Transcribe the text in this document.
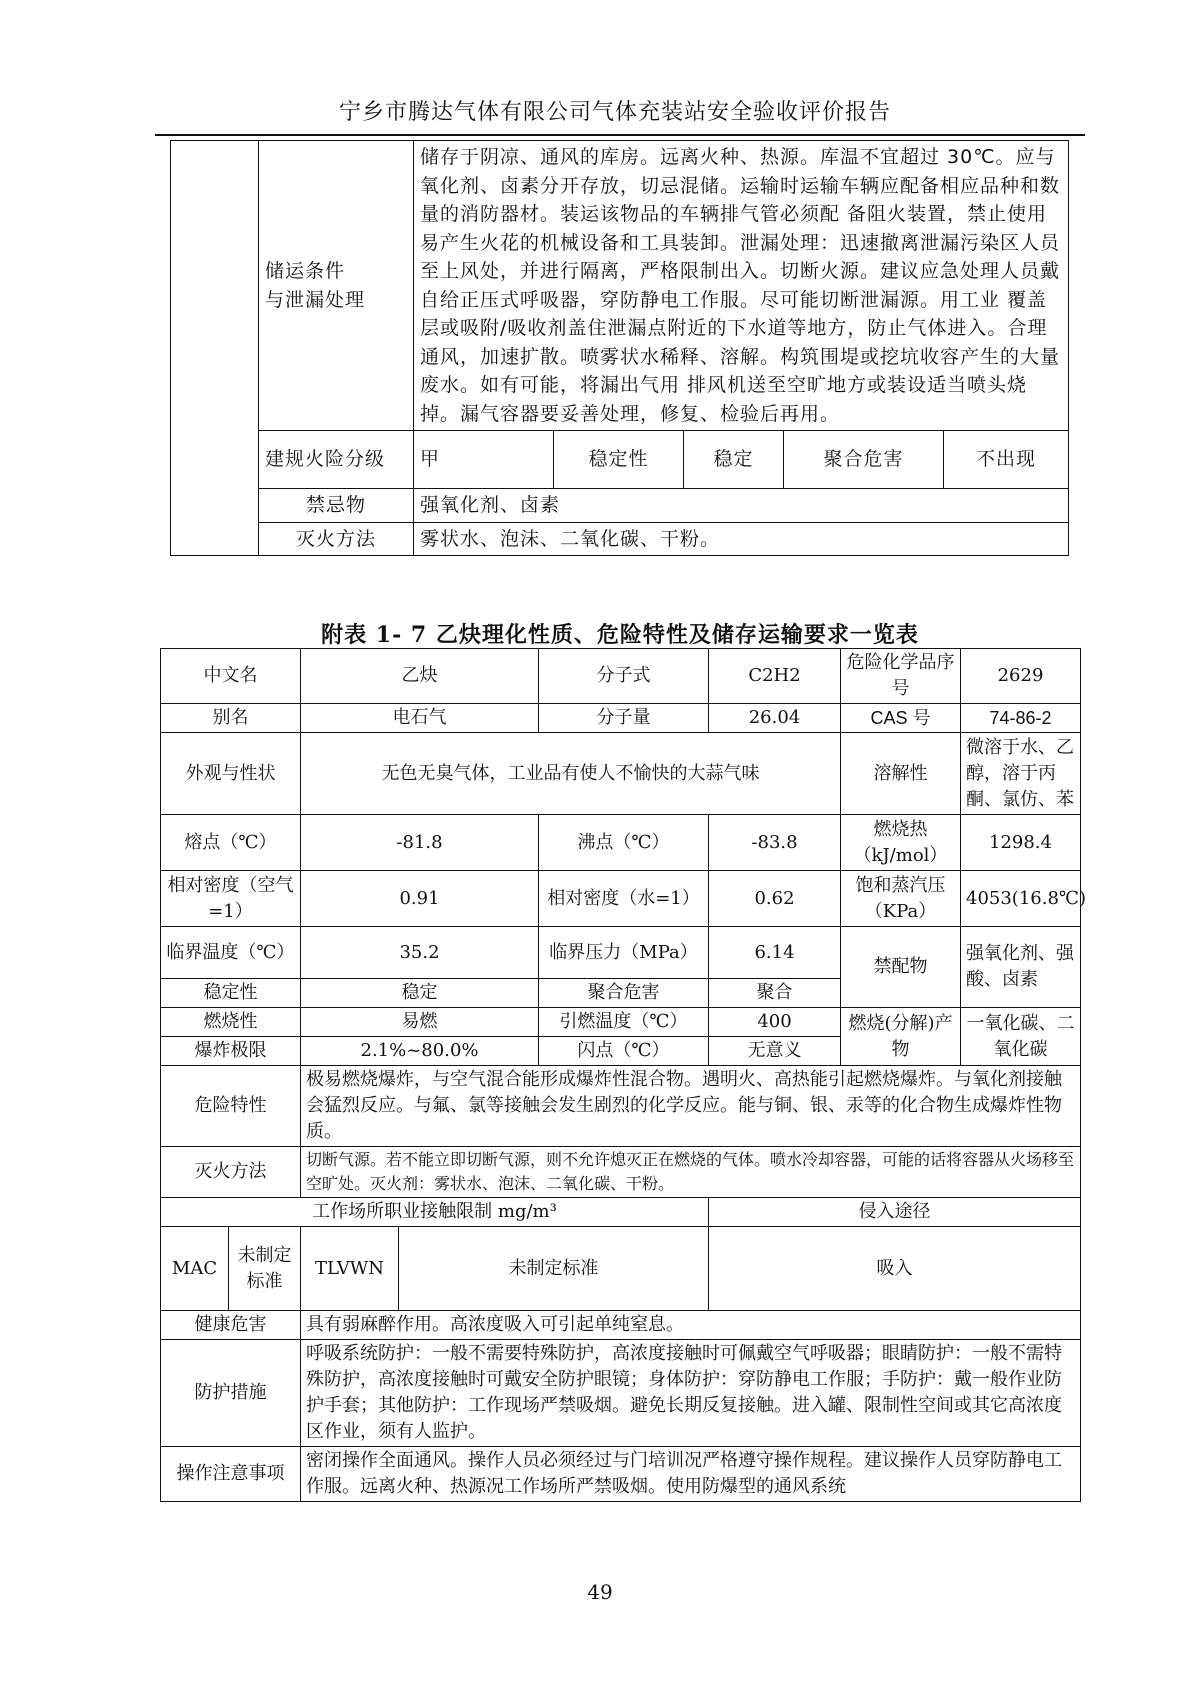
宁乡市腾达气体有限公司气体充装站安全验收评价报告
	储运条件
与泄漏处理	储存于阴凉、通风的库房。远离火种、热源。库温不宜超过 30℃。应与氧化剂、卤素分开存放，切忌混储。运输时运输车辆应配备相应品种和数量的消防器材。装运该物品的车辆排气管必须配 备阻火装置，禁止使用易产生火花的机械设备和工具装卸。泄漏处理：迅速撤离泄漏污染区人员至上风处，并进行隔离，严格限制出入。切断火源。建议应急处理人员戴自给正压式呼吸器，穿防静电工作服。尽可能切断泄漏源。用工业 覆盖层或吸附/吸收剂盖住泄漏点附近的下水道等地方，防止气体进入。合理通风，加速扩散。喷雾状水稀释、溶解。构筑围堤或挖坑收容产生的大量废水。如有可能，将漏出气用 排风机送至空旷地方或装设适当喷头烧掉。漏气容器要妥善处理，修复、检验后再用。				
	建规火险分级	甲	稳定性	稳定	聚合危害	不出现
	禁忌物	强氧化剂、卤素				
	灭火方法	雾状水、泡沫、二氧化碳、干粉。				
附表 1- 7 乙炔理化性质、危险特性及储存运输要求一览表
中文名		乙炔		分子式	C2H2	危险化学品序号	2629
别名		电石气		分子量	26.04	CAS 号	74-86-2
外观与性状		无色无臭气体，工业品有使人不愉快的大蒜气味				溶解性	微溶于水、乙醇，溶于丙酮、氯仿、苯
熔点（℃）		-81.8		沸点（℃）	-83.8	燃烧热（kJ/mol）	1298.4
相对密度（空气=1）		0.91		相对密度（水=1）	0.62	饱和蒸汽压（KPa）	4053(16.8℃)
临界温度（℃）		35.2		临界压力（MPa）	6.14	禁配物	强氧化剂、强酸、卤素
稳定性		稳定		聚合危害	聚合		
燃烧性		易燃		引燃温度（℃）	400	燃烧(分解)产物	一氧化碳、二氧化碳
爆炸极限		2.1%~80.0%		闪点（℃）	无意义		
危险特性		极易燃烧爆炸，与空气混合能形成爆炸性混合物。遇明火、高热能引起燃烧爆炸。与氧化剂接触会猛烈反应。与氟、氯等接触会发生剧烈的化学反应。能与铜、银、汞等的化合物生成爆炸性物质。					
灭火方法		切断气源。若不能立即切断气源，则不允许熄灭正在燃烧的气体。喷水冷却容器，可能的话将容器从火场移至空旷处。灭火剂：雾状水、泡沫、二氧化碳、干粉。					
工作场所职业接触限制 mg/m³					侵入途径		
MAC	未制定标准	TLVWN	未制定标准		吸入		
健康危害		具有弱麻醉作用。高浓度吸入可引起单纯窒息。					
防护措施		呼吸系统防护：一般不需要特殊防护，高浓度接触时可佩戴空气呼吸器；眼睛防护：一般不需特殊防护，高浓度接触时可戴安全防护眼镜；身体防护：穿防静电工作服；手防护：戴一般作业防护手套；其他防护：工作现场严禁吸烟。避免长期反复接触。进入罐、限制性空间或其它高浓度区作业，须有人监护。					
操作注意事项		密闭操作全面通风。操作人员必须经过与门培训况严格遵守操作规程。建议操作人员穿防静电工作服。远离火种、热源况工作场所严禁吸烟。使用防爆型的通风系统					
49
